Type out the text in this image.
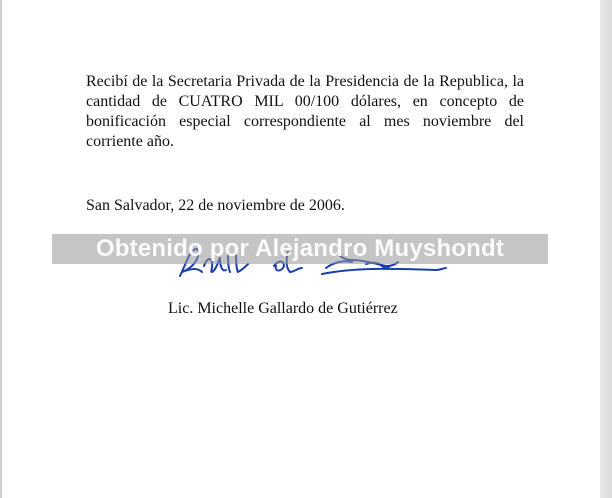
Recibí de la Secretaria Privada de la Presidencia de la Republica, la cantidad de CUATRO MIL 00/100 dólares, en concepto de bonificación especial correspondiente al mes noviembre del corriente año.
San Salvador, 22 de noviembre de 2006.
Obtenido por Alejandro Muyshondt
Lic. Michelle Gallardo de Gutiérrez
